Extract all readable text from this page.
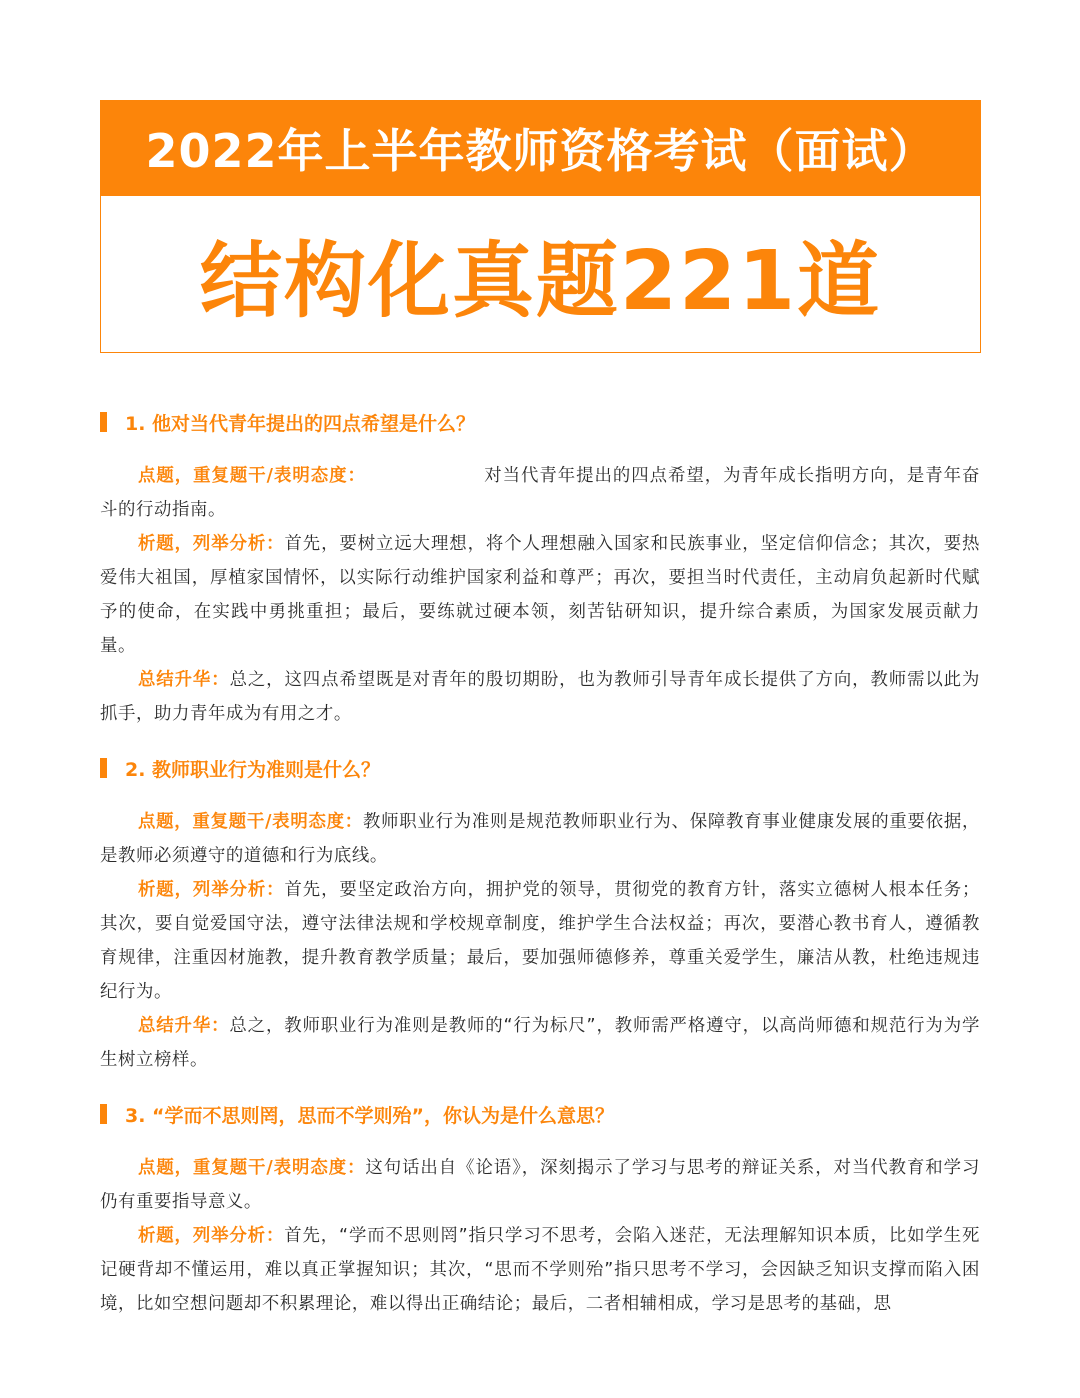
2022年上半年教师资格考试（面试）
结构化真题221道
1. 他对当代青年提出的四点希望是什么？

点题，重复题干/表明态度：	对当代青年提出的四点希望，为青年成长指明方向，是青年奋斗的行动指南。

析题，列举分析：首先，要树立远大理想，将个人理想融入国家和民族事业，坚定信仰信念；其次，要热爱伟大祖国，厚植家国情怀，以实际行动维护国家利益和尊严；再次，要担当时代责任，主动肩负起新时代赋予的使命，在实践中勇挑重担；最后，要练就过硬本领，刻苦钻研知识，提升综合素质，为国家发展贡献力量。

总结升华：总之，这四点希望既是对青年的殷切期盼，也为教师引导青年成长提供了方向，教师需以此为抓手，助力青年成为有用之才。

2. 教师职业行为准则是什么？

点题，重复题干/表明态度：教师职业行为准则是规范教师职业行为、保障教育事业健康发展的重要依据，是教师必须遵守的道德和行为底线。

析题，列举分析：首先，要坚定政治方向，拥护党的领导，贯彻党的教育方针，落实立德树人根本任务；其次，要自觉爱国守法，遵守法律法规和学校规章制度，维护学生合法权益；再次，要潜心教书育人，遵循教育规律，注重因材施教，提升教育教学质量；最后，要加强师德修养，尊重关爱学生，廉洁从教，杜绝违规违纪行为。

总结升华：总之，教师职业行为准则是教师的“行为标尺”，教师需严格遵守，以高尚师德和规范行为为学生树立榜样。

3. “学而不思则罔，思而不学则殆”，你认为是什么意思？

点题，重复题干/表明态度：这句话出自《论语》，深刻揭示了学习与思考的辩证关系，对当代教育和学习仍有重要指导意义。

析题，列举分析：首先，“学而不思则罔”指只学习不思考，会陷入迷茫，无法理解知识本质，比如学生死记硬背却不懂运用，难以真正掌握知识；其次，“思而不学则殆”指只思考不学习，会因缺乏知识支撑而陷入困境，比如空想问题却不积累理论，难以得出正确结论；最后，二者相辅相成，学习是思考的基础，思
